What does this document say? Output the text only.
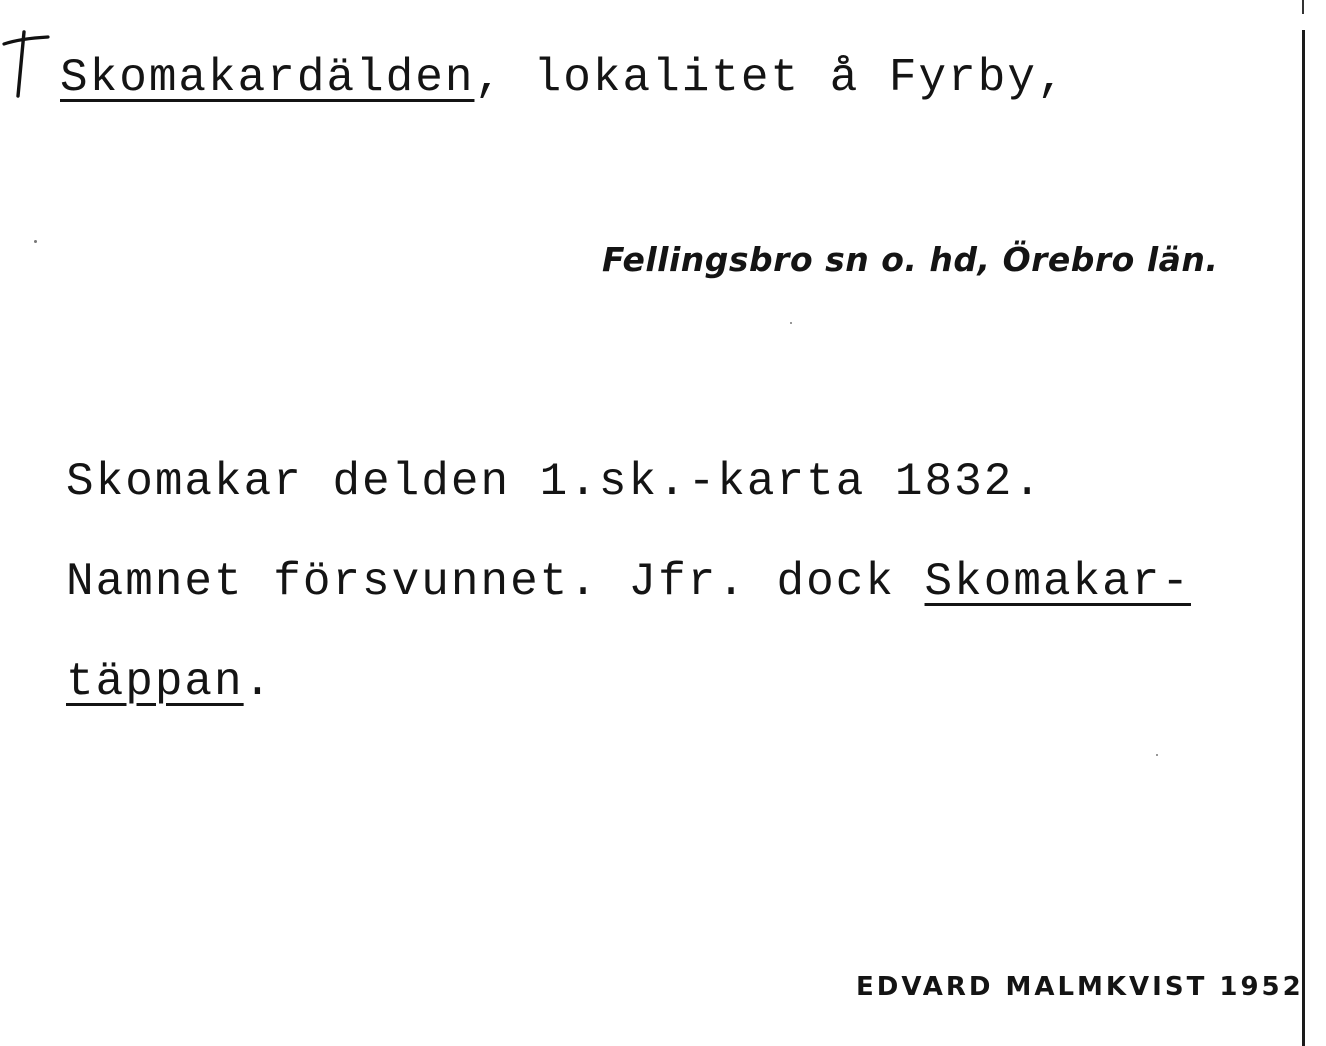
Skomakardälden, lokalitet å Fyrby,
Fellingsbro sn o. hd, Örebro län.
Skomakar delden 1.sk.-karta 1832.
Namnet försvunnet. Jfr. dock Skomakar-
täppan.
EDVARD MALMKVIST 1952
